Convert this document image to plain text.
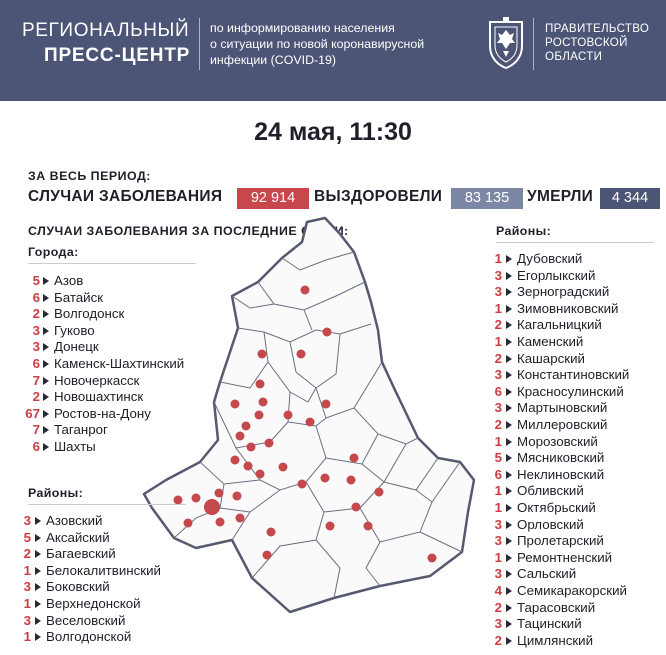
РЕГИОНАЛЬНЫЙ
ПРЕСС-ЦЕНТР
по информированию населения
о ситуации по новой коронавирусной
инфекции (COVID-19)
ПРАВИТЕЛЬСТВО
РОСТОВСКОЙ
ОБЛАСТИ
24 мая, 11:30
ЗА ВЕСЬ ПЕРИОД:
СЛУЧАИ ЗАБОЛЕВАНИЯ	92 914	ВЫЗДОРОВЕЛИ	83 135	УМЕРЛИ	4 344
СЛУЧАИ ЗАБОЛЕВАНИЯ ЗА ПОСЛЕДНИЕ СУТКИ:
Города:
5 Азов
6 Батайск
2 Волгодонск
3 Гуково
3 Донецк
6 Каменск-Шахтинский
7 Новочеркасск
2 Новошахтинск
67 Ростов-на-Дону
7 Таганрог
6 Шахты
Районы:
3 Азовский
5 Аксайский
2 Багаевский
1 Белокалитвинский
3 Боковский
1 Верхнедонской
3 Веселовский
1 Волгодонской
Районы:
1 Дубовский
3 Егорлыкский
3 Зерноградский
1 Зимовниковский
2 Кагальницкий
1 Каменский
2 Кашарский
3 Константиновский
6 Красносулинский
3 Мартыновский
2 Миллеровский
1 Морозовский
5 Мясниковский
6 Неклиновский
1 Обливский
1 Октябрьский
3 Орловский
3 Пролетарский
1 Ремонтненский
3 Сальский
4 Семикаракорский
2 Тарасовский
3 Тацинский
2 Цимлянский
